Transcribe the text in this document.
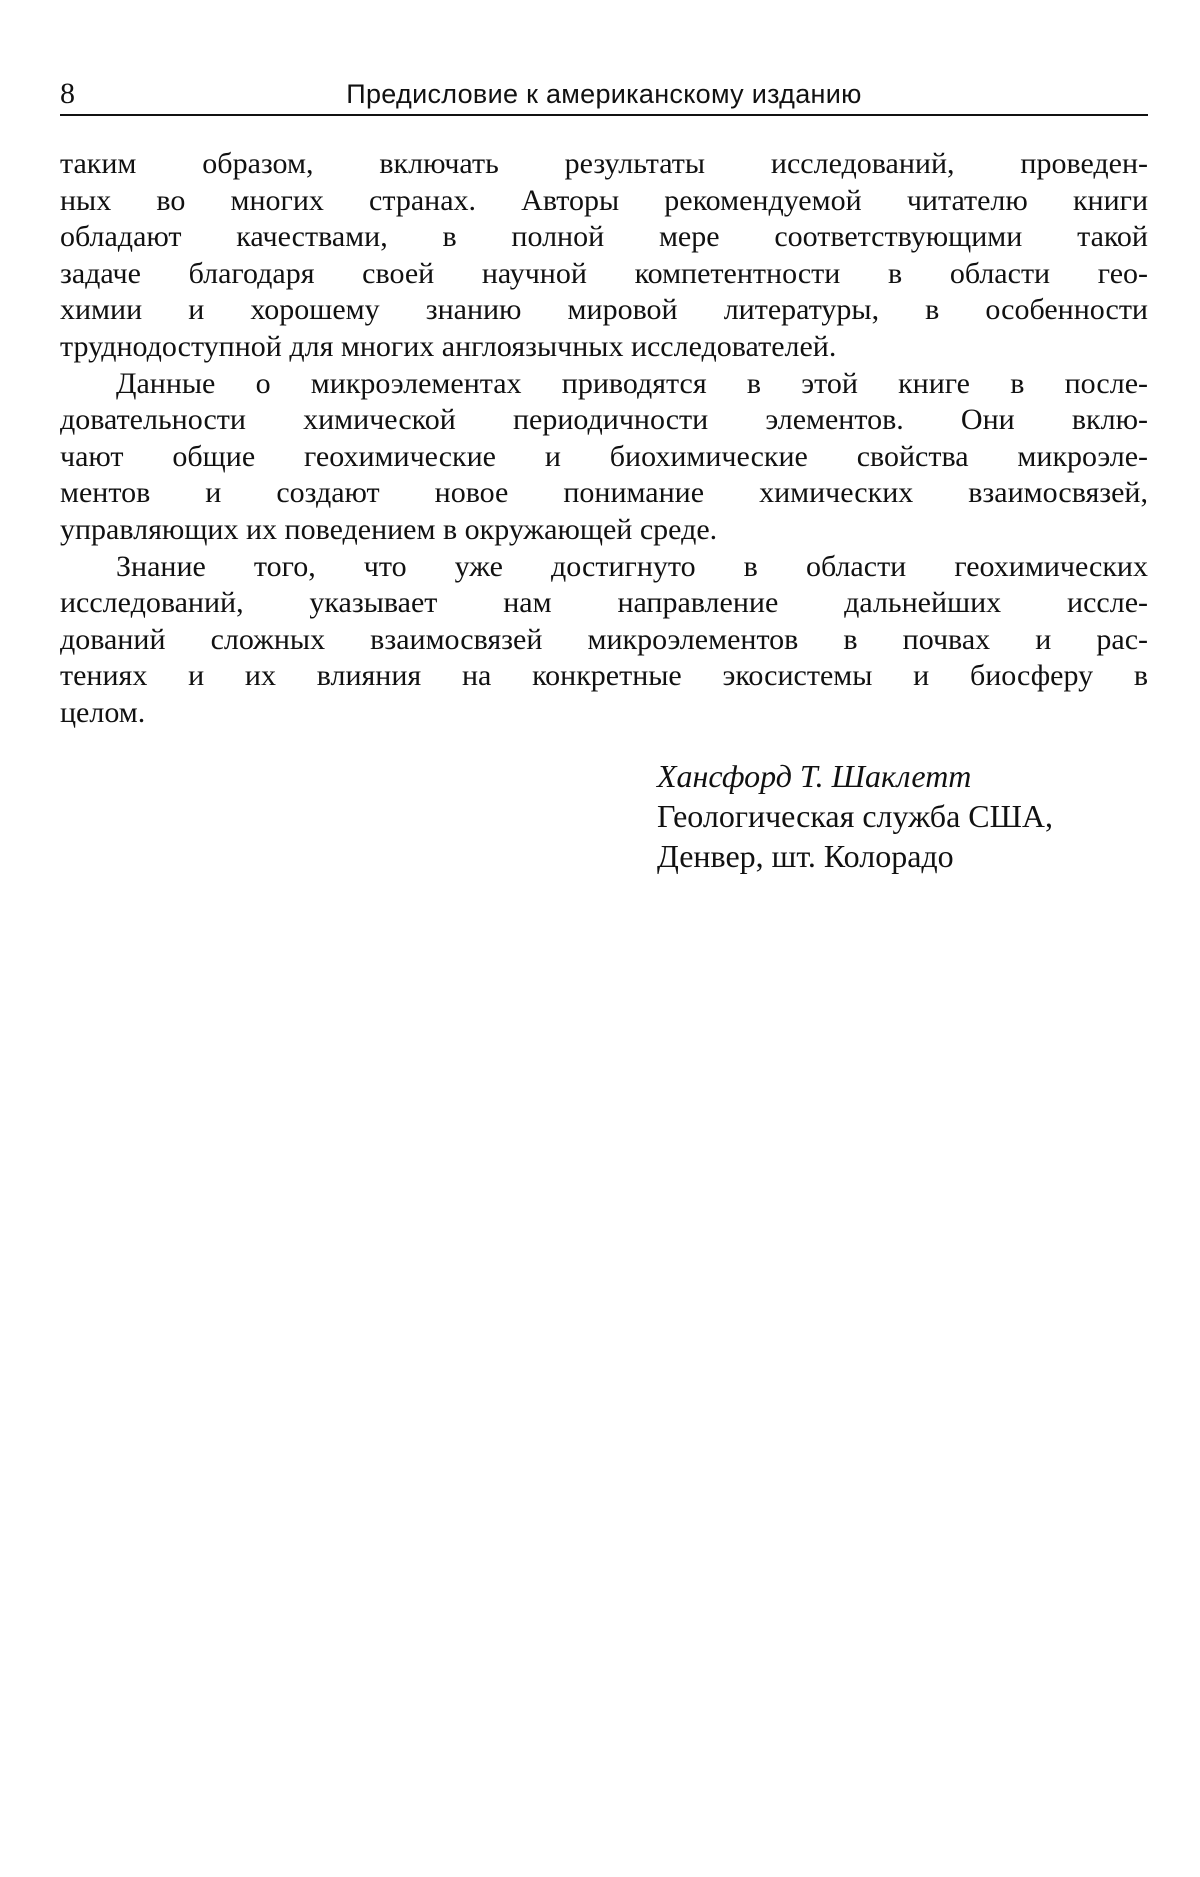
8	Предисловие к американскому изданию

таким образом, включать результаты исследований, проведен-
ных во многих странах. Авторы рекомендуемой читателю книги
обладают качествами, в полной мере соответствующими такой
задаче благодаря своей научной компетентности в области гео-
химии и хорошему знанию мировой литературы, в особенности
труднодоступной для многих англоязычных исследователей.

Данные о микроэлементах приводятся в этой книге в после-
довательности химической периодичности элементов. Они вклю-
чают общие геохимические и биохимические свойства микроэле-
ментов и создают новое понимание химических взаимосвязей,
управляющих их поведением в окружающей среде.

Знание того, что уже достигнуто в области геохимических
исследований, указывает нам направление дальнейших иссле-
дований сложных взаимосвязей микроэлементов в почвах и рас-
тениях и их влияния на конкретные экосистемы и биосферу в
целом.

Хансфорд Т. Шаклетт
Геологическая служба США,
Денвер, шт. Колорадо
